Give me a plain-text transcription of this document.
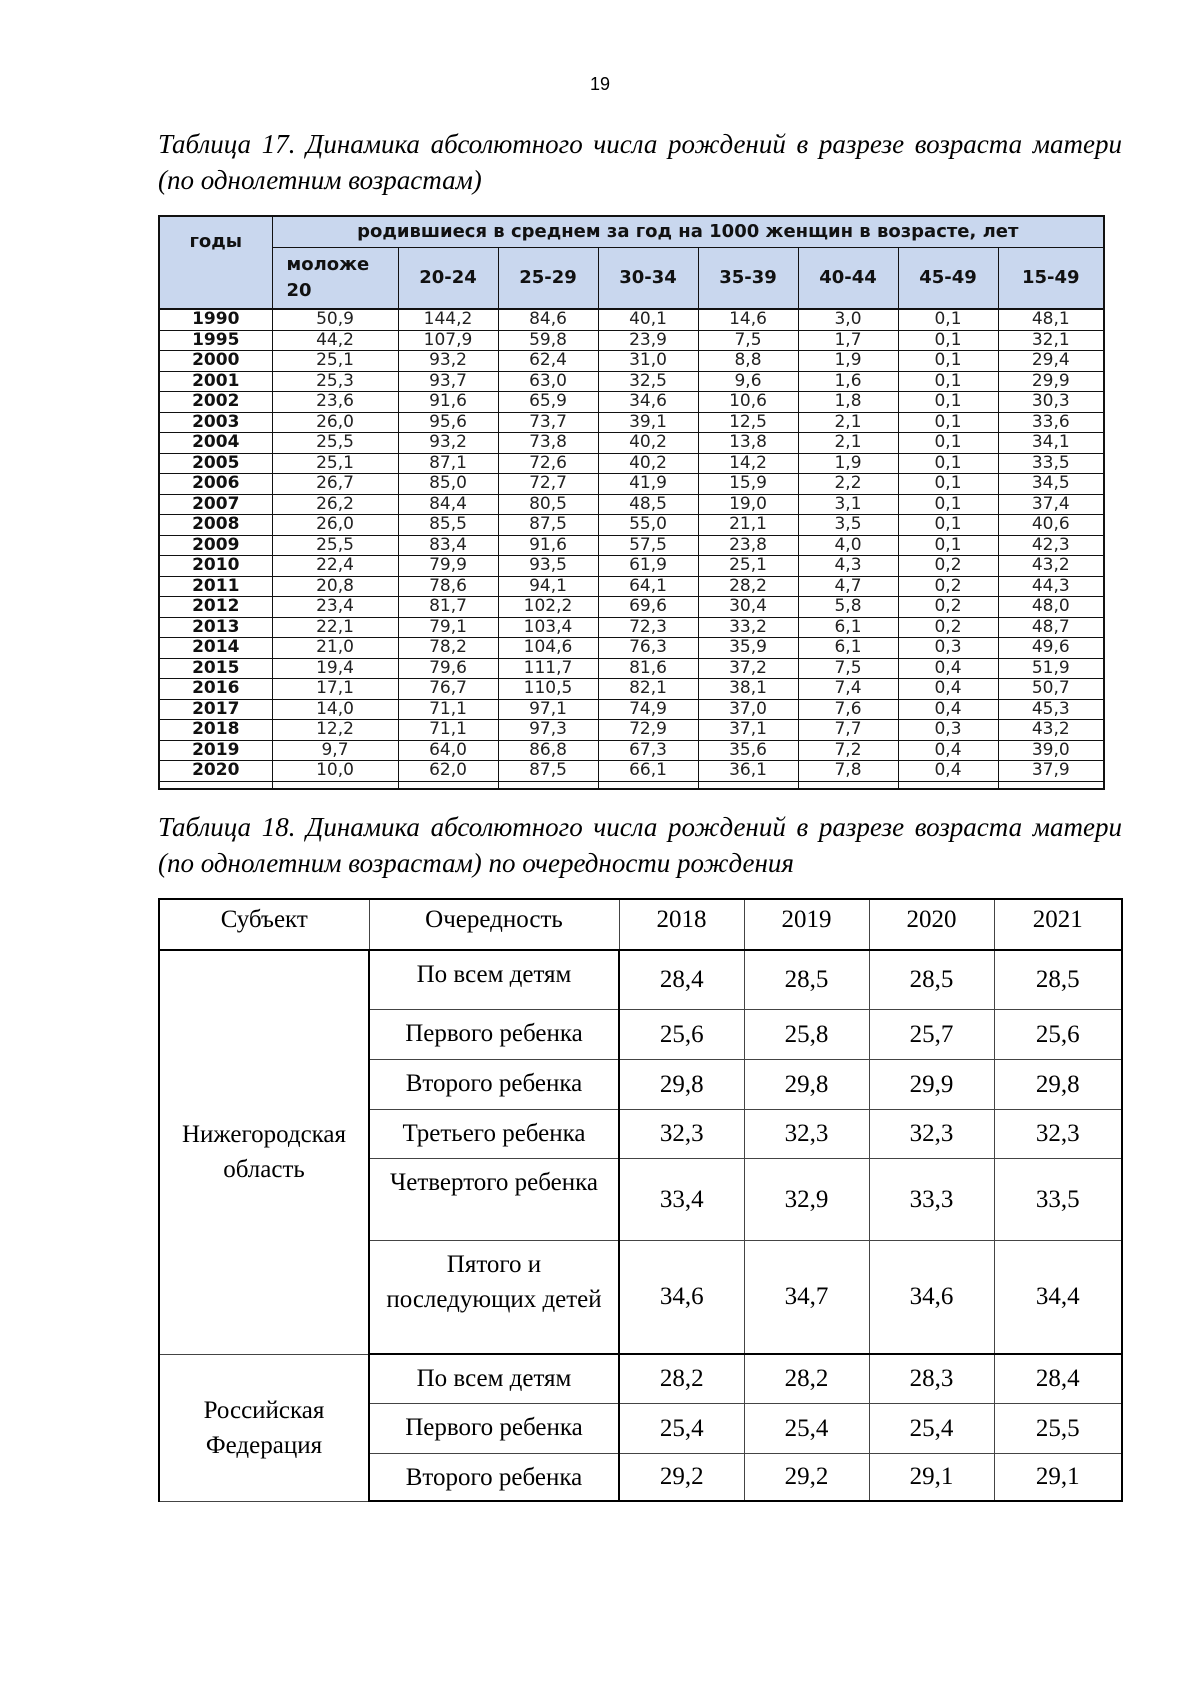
19
Таблица 17. Динамика абсолютного числа рождений в разрезе возраста матери (по однолетним возрастам)
годы	родившиеся в среднем за год на 1000 женщин в возрасте, лет							
	моложе 20	20-24	25-29	30-34	35-39	40-44	45-49	15-49
1990	50,9	144,2	84,6	40,1	14,6	3,0	0,1	48,1
1995	44,2	107,9	59,8	23,9	7,5	1,7	0,1	32,1
2000	25,1	93,2	62,4	31,0	8,8	1,9	0,1	29,4
2001	25,3	93,7	63,0	32,5	9,6	1,6	0,1	29,9
2002	23,6	91,6	65,9	34,6	10,6	1,8	0,1	30,3
2003	26,0	95,6	73,7	39,1	12,5	2,1	0,1	33,6
2004	25,5	93,2	73,8	40,2	13,8	2,1	0,1	34,1
2005	25,1	87,1	72,6	40,2	14,2	1,9	0,1	33,5
2006	26,7	85,0	72,7	41,9	15,9	2,2	0,1	34,5
2007	26,2	84,4	80,5	48,5	19,0	3,1	0,1	37,4
2008	26,0	85,5	87,5	55,0	21,1	3,5	0,1	40,6
2009	25,5	83,4	91,6	57,5	23,8	4,0	0,1	42,3
2010	22,4	79,9	93,5	61,9	25,1	4,3	0,2	43,2
2011	20,8	78,6	94,1	64,1	28,2	4,7	0,2	44,3
2012	23,4	81,7	102,2	69,6	30,4	5,8	0,2	48,0
2013	22,1	79,1	103,4	72,3	33,2	6,1	0,2	48,7
2014	21,0	78,2	104,6	76,3	35,9	6,1	0,3	49,6
2015	19,4	79,6	111,7	81,6	37,2	7,5	0,4	51,9
2016	17,1	76,7	110,5	82,1	38,1	7,4	0,4	50,7
2017	14,0	71,1	97,1	74,9	37,0	7,6	0,4	45,3
2018	12,2	71,1	97,3	72,9	37,1	7,7	0,3	43,2
2019	9,7	64,0	86,8	67,3	35,6	7,2	0,4	39,0
2020	10,0	62,0	87,5	66,1	36,1	7,8	0,4	37,9

Таблица 18. Динамика абсолютного числа рождений в разрезе возраста матери (по однолетним возрастам) по очередности рождения
Субъект	Очередность	2018	2019	2020	2021
Нижегородская область	По всем детям	28,4	28,5	28,5	28,5
	Первого ребенка	25,6	25,8	25,7	25,6
	Второго ребенка	29,8	29,8	29,9	29,8
	Третьего ребенка	32,3	32,3	32,3	32,3
	Четвертого ребенка	33,4	32,9	33,3	33,5
	Пятого и последующих детей	34,6	34,7	34,6	34,4
Российская Федерация	По всем детям	28,2	28,2	28,3	28,4
	Первого ребенка	25,4	25,4	25,4	25,5
	Второго ребенка	29,2	29,2	29,1	29,1
